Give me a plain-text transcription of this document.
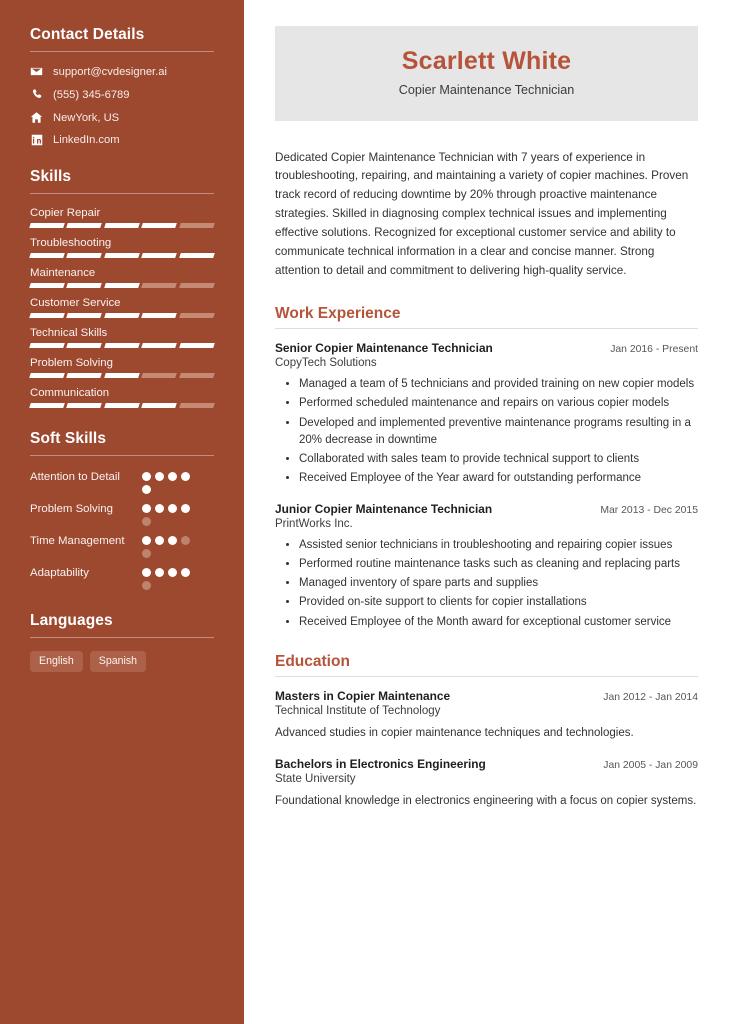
Contact Details
support@cvdesigner.ai
(555) 345-6789
NewYork, US
LinkedIn.com
Skills
Copier Repair
Troubleshooting
Maintenance
Customer Service
Technical Skills
Problem Solving
Communication
Soft Skills
Attention to Detail
Problem Solving
Time Management
Adaptability
Languages
English	Spanish
Scarlett White
Copier Maintenance Technician

Dedicated Copier Maintenance Technician with 7 years of experience in troubleshooting, repairing, and maintaining a variety of copier machines. Proven track record of reducing downtime by 20% through proactive maintenance strategies. Skilled in diagnosing complex technical issues and implementing effective solutions. Recognized for exceptional customer service and ability to communicate technical information in a clear and concise manner. Strong attention to detail and commitment to delivering high-quality service.

Work Experience
Senior Copier Maintenance Technician	Jan 2016 - Present
CopyTech Solutions
• Managed a team of 5 technicians and provided training on new copier models
• Performed scheduled maintenance and repairs on various copier models
• Developed and implemented preventive maintenance programs resulting in a 20% decrease in downtime
• Collaborated with sales team to provide technical support to clients
• Received Employee of the Year award for outstanding performance
Junior Copier Maintenance Technician	Mar 2013 - Dec 2015
PrintWorks Inc.
• Assisted senior technicians in troubleshooting and repairing copier issues
• Performed routine maintenance tasks such as cleaning and replacing parts
• Managed inventory of spare parts and supplies
• Provided on-site support to clients for copier installations
• Received Employee of the Month award for exceptional customer service
Education
Masters in Copier Maintenance	Jan 2012 - Jan 2014
Technical Institute of Technology
Advanced studies in copier maintenance techniques and technologies.
Bachelors in Electronics Engineering	Jan 2005 - Jan 2009
State University
Foundational knowledge in electronics engineering with a focus on copier systems.
